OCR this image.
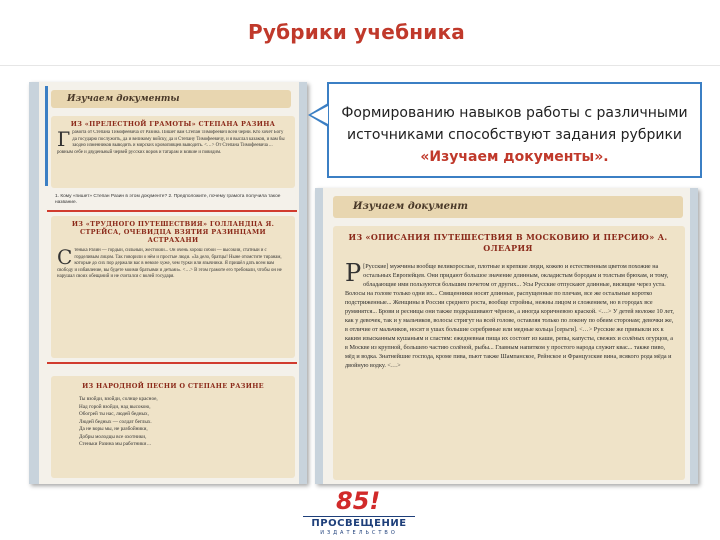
Рубрики учебника
Изучаем документы
ИЗ «ПРЕЛЕСТНОЙ ГРАМОТЫ» СТЕПАНА РАЗИНА
Грамота от Степана Тимофеевича от Разина. Пишет вам Степан Тимофеевич всей черни. Кто хочет Богу да государю послужить, да и великому войску, да и Степану Тимофеевичу, и я выслал казаков, и вам бы заодно изменников выводить и мирских кровопивцев выводить. <…> От Степана Тимофеевича ... ровным себе и двуденьный червей русских воров и татарам и всякие и повидим.
1. Кому «пишет» Степан Разин в этом документе? 2. Предположите, почему грамота получила такое название.
ИЗ «ТРУДНОГО ПУТЕШЕСТВИЯ» ГОЛЛАНДЦА Я. СТРЕЙСА, ОЧЕВИДЦА ВЗЯТИЯ РАЗИНЦАМИ АСТРАХАНИ
Стенька Разин — гордый, сильный, жестокий... Он очень хорош собой — высокий, статный и с горделивым лицом. Так говорили о нём и простые люди. «За дело, братцы! Ныне отомстите тиранам, которые до сих пор держали вас в неволе хуже, чем турки или язычники. Я пришёл дать всем вам свободу и избавление, вы будете моими братьями и детьми». <…> В этом грамоте его требовали, чтобы он не нарушал своих обещаний и не считался с волей государя.
ИЗ НАРОДНОЙ ПЕСНИ О СТЕПАНЕ РАЗИНЕ
Ты взойди, взойди, солнце красное,
Над горой взойди, над высокою,
Обогрей ты нас, людей бедных,
Людей бедных — солдат беглых.
Да не воры мы, не разбойники,
Добры молодцы все охотники,
Стеньки Разина мы работники…
Изучаем документ
ИЗ «ОПИСАНИЯ ПУТЕШЕСТВИЯ В МОСКОВИЮ И ПЕРСИЮ» А. ОЛЕАРИЯ
Р [Русские] мужчины вообще великорослые, плотные и крепкие люди, кожею и естественным цветом похожие на остальных Европейцев. Они придают большое значение длинным, окладистым бородам и толстым брюхам, и тому, обладающие ими пользуются большим почетом от других... Усы Русские отпускают длинные, висящие через уста. Волосы на голове только одни их... Священники носят длинные, распущенные по плечам, все же остальные коротко подстриженные... Женщины в России среднего роста, вообще стройны, нежны лицом и сложением, но в городах все румянятся... Брови и ресницы они также подкрашивают чёрною, а иногда коричневою краской. <…> У детей моложе 10 лет, как у девочек, так и у мальчиков, волосы стригут на всей голове, оставляя только по локону по обеим сторонам; девочки же, в отличие от мальчиков, носят в ушах большие серебряные или медные кольца [серьги]. <…> Русские же привыкли их к каким изысканным кушаньям и сластям: ежедневная пища их состоит из каши, репы, капусты, свежих и солёных огурцов, а в Москве из крупной, большею частию солёной, рыбы... Главным напитком у простого народа служит квас... также пиво, мёд и водка. Знатнейшие господа, кроме пива, пьют также Шампанское, Рейнское и Французские вина, всякого рода мёда и двойную водку. <…>
Формированию навыков работы с различными
источниками способствуют задания рубрики
«Изучаем документы».
85!
ПРОСВЕЩЕНИЕ
ИЗДАТЕЛЬСТВО
